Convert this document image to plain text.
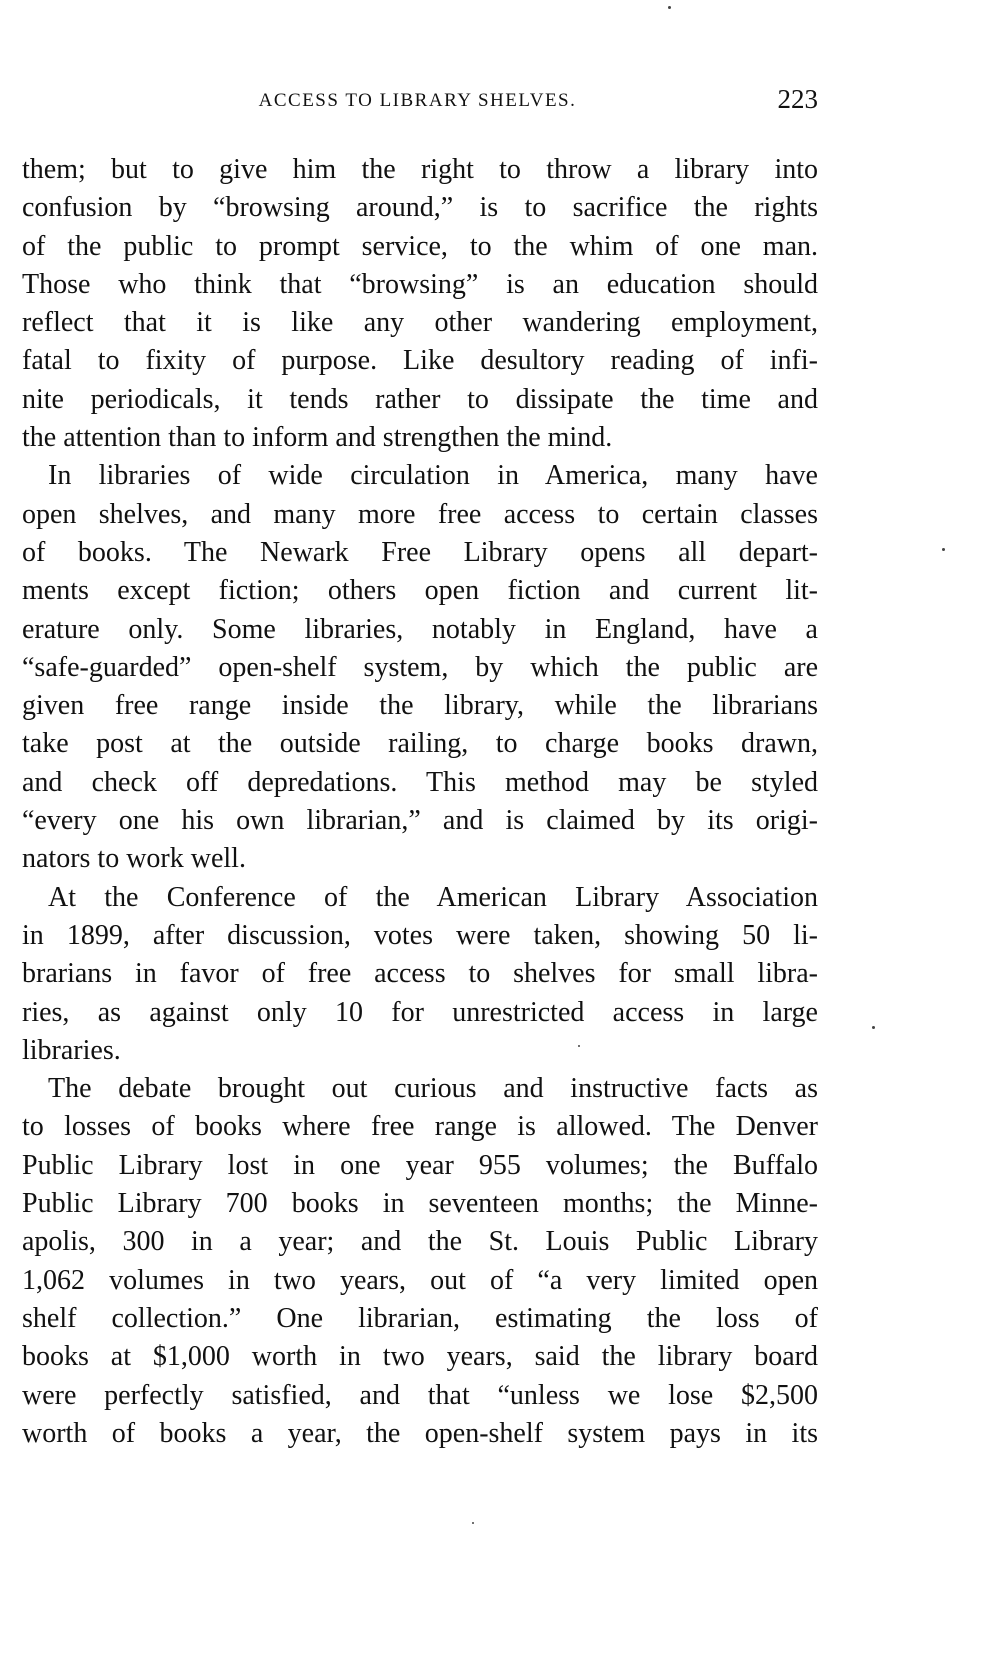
ACCESS TO LIBRARY SHELVES.	223
them; but to give him the right to throw a library into
confusion by “browsing around,” is to sacrifice the rights
of the public to prompt service, to the whim of one man.
Those who think that “browsing” is an education should
reflect that it is like any other wandering employment,
fatal to fixity of purpose. Like desultory reading of infi-
nite periodicals, it tends rather to dissipate the time and
the attention than to inform and strengthen the mind.
In libraries of wide circulation in America, many have
open shelves, and many more free access to certain classes
of books. The Newark Free Library opens all depart-
ments except fiction; others open fiction and current lit-
erature only. Some libraries, notably in England, have a
“safe-guarded” open-shelf system, by which the public are
given free range inside the library, while the librarians
take post at the outside railing, to charge books drawn,
and check off depredations. This method may be styled
“every one his own librarian,” and is claimed by its origi-
nators to work well.
At the Conference of the American Library Association
in 1899, after discussion, votes were taken, showing 50 li-
brarians in favor of free access to shelves for small libra-
ries, as against only 10 for unrestricted access in large
libraries.
The debate brought out curious and instructive facts as
to losses of books where free range is allowed. The Denver
Public Library lost in one year 955 volumes; the Buffalo
Public Library 700 books in seventeen months; the Minne-
apolis, 300 in a year; and the St. Louis Public Library
1,062 volumes in two years, out of “a very limited open
shelf collection.” One librarian, estimating the loss of
books at $1,000 worth in two years, said the library board
were perfectly satisfied, and that “unless we lose $2,500
worth of books a year, the open-shelf system pays in its
